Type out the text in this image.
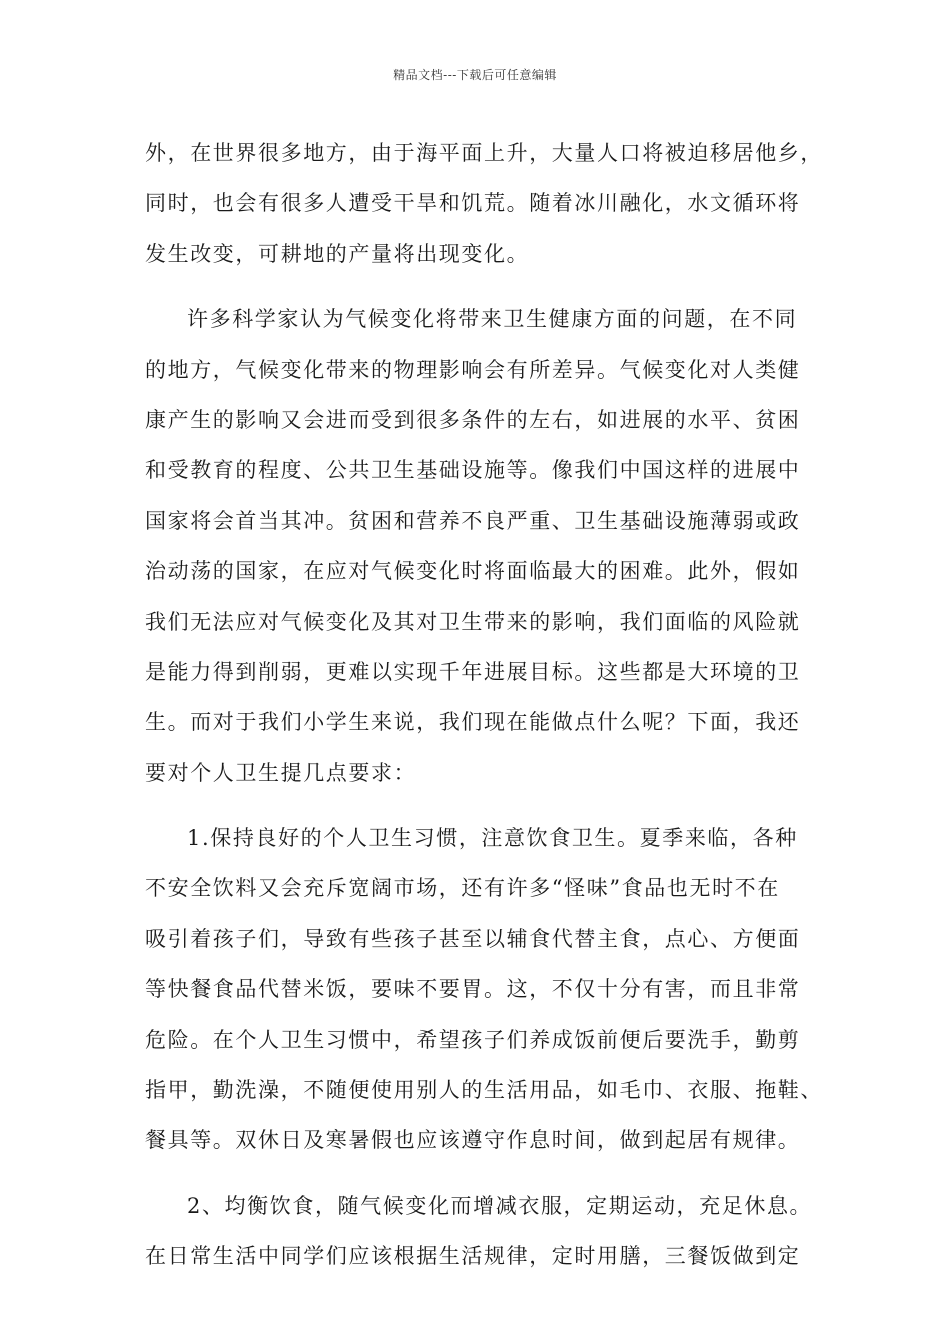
精品文档---下载后可任意编辑
外，在世界很多地方，由于海平面上升，大量人口将被迫移居他乡，
同时，也会有很多人遭受干旱和饥荒。随着冰川融化，水文循环将
发生改变，可耕地的产量将出现变化。
许多科学家认为气候变化将带来卫生健康方面的问题，在不同
的地方，气候变化带来的物理影响会有所差异。气候变化对人类健
康产生的影响又会进而受到很多条件的左右，如进展的水平、贫困
和受教育的程度、公共卫生基础设施等。像我们中国这样的进展中
国家将会首当其冲。贫困和营养不良严重、卫生基础设施薄弱或政
治动荡的国家，在应对气候变化时将面临最大的困难。此外，假如
我们无法应对气候变化及其对卫生带来的影响，我们面临的风险就
是能力得到削弱，更难以实现千年进展目标。这些都是大环境的卫
生。而对于我们小学生来说，我们现在能做点什么呢？下面，我还
要对个人卫生提几点要求：
1.保持良好的个人卫生习惯，注意饮食卫生。夏季来临，各种
不安全饮料又会充斥宽阔市场，还有许多“怪味”食品也无时不在
吸引着孩子们，导致有些孩子甚至以辅食代替主食，点心、方便面
等快餐食品代替米饭，要味不要胃。这，不仅十分有害，而且非常
危险。在个人卫生习惯中，希望孩子们养成饭前便后要洗手，勤剪
指甲，勤洗澡，不随便使用别人的生活用品，如毛巾、衣服、拖鞋、
餐具等。双休日及寒暑假也应该遵守作息时间，做到起居有规律。
2、均衡饮食，随气候变化而增减衣服，定期运动，充足休息。
在日常生活中同学们应该根据生活规律，定时用膳，三餐饭做到定
